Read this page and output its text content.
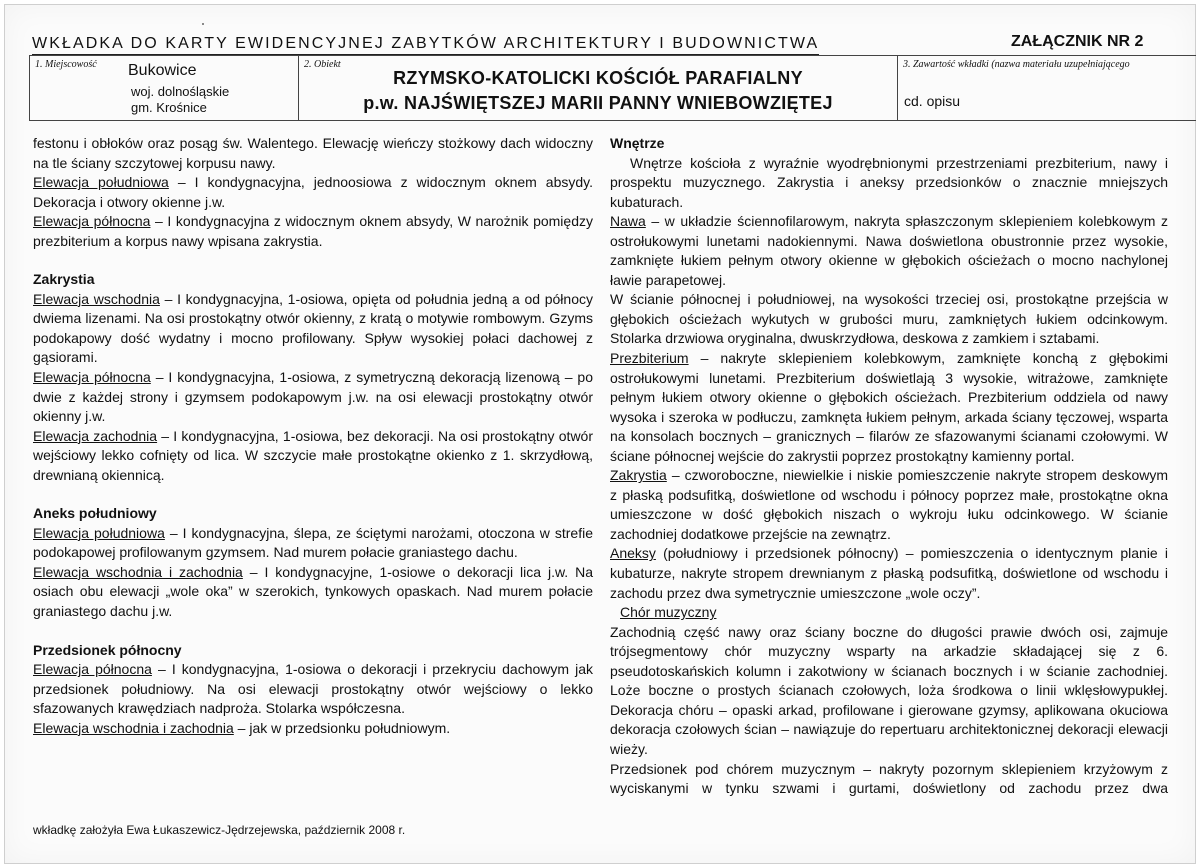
WKŁADKA DO KARTY EWIDENCYJNEJ ZABYTKÓW ARCHITEKTURY I BUDOWNICTWA	ZAŁĄCZNIK NR 2
1. Miejscowość Bukowice
woj. dolnośląskie
gm. Krośnice
2. Obiekt
RZYMSKO-KATOLICKI KOŚCIÓŁ PARAFIALNY
p.w. NAJŚWIĘTSZEJ MARII PANNY WNIEBOWZIĘTEJ
3. Zawartość wkładki (nazwa materiału uzupełniającego
cd. opisu

festonu i obłoków oraz posąg św. Walentego. Elewację wieńczy stożkowy dach widoczny na tle ściany szczytowej korpusu nawy.

Elewacja południowa – I kondygnacyjna, jednoosiowa z widocznym oknem absydy. Dekoracja i otwory okienne j.w.

Elewacja północna – I kondygnacyjna z widocznym oknem absydy, W narożnik pomiędzy prezbiterium a korpus nawy wpisana zakrystia.

Zakrystia

Elewacja wschodnia – I kondygnacyjna, 1-osiowa, opięta od południa jedną a od północy dwiema lizenami. Na osi prostokątny otwór okienny, z kratą o motywie rombowym. Gzyms podokapowy dość wydatny i mocno profilowany. Spływ wysokiej połaci dachowej z gąsiorami.

Elewacja północna – I kondygnacyjna, 1-osiowa, z symetryczną dekoracją lizenową – po dwie z każdej strony i gzymsem podokapowym j.w. na osi elewacji prostokątny otwór okienny j.w.

Elewacja zachodnia – I kondygnacyjna, 1-osiowa, bez dekoracji. Na osi prostokątny otwór wejściowy lekko cofnięty od lica. W szczycie małe prostokątne okienko z 1. skrzydłową, drewnianą okiennicą.

Aneks południowy

Elewacja południowa – I kondygnacyjna, ślepa, ze ściętymi narożami, otoczona w strefie podokapowej profilowanym gzymsem. Nad murem połacie graniastego dachu.

Elewacja wschodnia i zachodnia – I kondygnacyjne, 1-osiowe o dekoracji lica j.w. Na osiach obu elewacji „wole oka” w szerokich, tynkowych opaskach. Nad murem połacie graniastego dachu j.w.

Przedsionek północny

Elewacja północna – I kondygnacyjna, 1-osiowa o dekoracji i przekryciu dachowym jak przedsionek południowy. Na osi elewacji prostokątny otwór wejściowy o lekko sfazowanych krawędziach nadproża. Stolarka współczesna.

Elewacja wschodnia i zachodnia – jak w przedsionku południowym.

Wnętrze

Wnętrze kościoła z wyraźnie wyodrębnionymi przestrzeniami prezbiterium, nawy i prospektu muzycznego. Zakrystia i aneksy przedsionków o znacznie mniejszych kubaturach.

Nawa – w układzie ściennofilarowym, nakryta spłaszczonym sklepieniem kolebkowym z ostrołukowymi lunetami nadokiennymi. Nawa doświetlona obustronnie przez wysokie, zamknięte łukiem pełnym otwory okienne w głębokich ościeżach o mocno nachylonej ławie parapetowej.

W ścianie północnej i południowej, na wysokości trzeciej osi, prostokątne przejścia w głębokich ościeżach wykutych w grubości muru, zamkniętych łukiem odcinkowym. Stolarka drzwiowa oryginalna, dwuskrzydłowa, deskowa z zamkiem i sztabami.

Prezbiterium – nakryte sklepieniem kolebkowym, zamknięte konchą z głębokimi ostrołukowymi lunetami. Prezbiterium doświetlają 3 wysokie, witrażowe, zamknięte pełnym łukiem otwory okienne o głębokich ościeżach. Prezbiterium oddziela od nawy wysoka i szeroka w podłuczu, zamknęta łukiem pełnym, arkada ściany tęczowej, wsparta na konsolach bocznych – granicznych – filarów ze sfazowanymi ścianami czołowymi. W ściane północnej wejście do zakrystii poprzez prostokątny kamienny portal.

Zakrystia – czworoboczne, niewielkie i niskie pomieszczenie nakryte stropem deskowym z płaską podsufitką, doświetlone od wschodu i północy poprzez małe, prostokątne okna umieszczone w dość głębokich niszach o wykroju łuku odcinkowego. W ścianie zachodniej dodatkowe przejście na zewnątrz.

Aneksy (południowy i przedsionek północny) – pomieszczenia o identycznym planie i kubaturze, nakryte stropem drewnianym z płaską podsufitką, doświetlone od wschodu i zachodu przez dwa symetrycznie umieszczone „wole oczy”.

Chór muzyczny

Zachodnią część nawy oraz ściany boczne do długości prawie dwóch osi, zajmuje trójsegmentowy chór muzyczny wsparty na arkadzie składającej się z 6. pseudotoskańskich kolumn i zakotwiony w ścianach bocznych i w ścianie zachodniej. Loże boczne o prostych ścianach czołowych, loża środkowa o linii wklęsłowypukłej. Dekoracja chóru – opaski arkad, profilowane i gierowane gzymsy, aplikowana okuciowa dekoracja czołowych ścian – nawiązuje do repertuaru architektonicznej dekoracji elewacji wieży.

Przedsionek pod chórem muzycznym – nakryty pozornym sklepieniem krzyżowym z wyciskanymi w tynku szwami i gurtami, doświetlony od zachodu przez dwa

wkładkę założyła Ewa Łukaszewicz-Jędrzejewska, październik 2008 r.
